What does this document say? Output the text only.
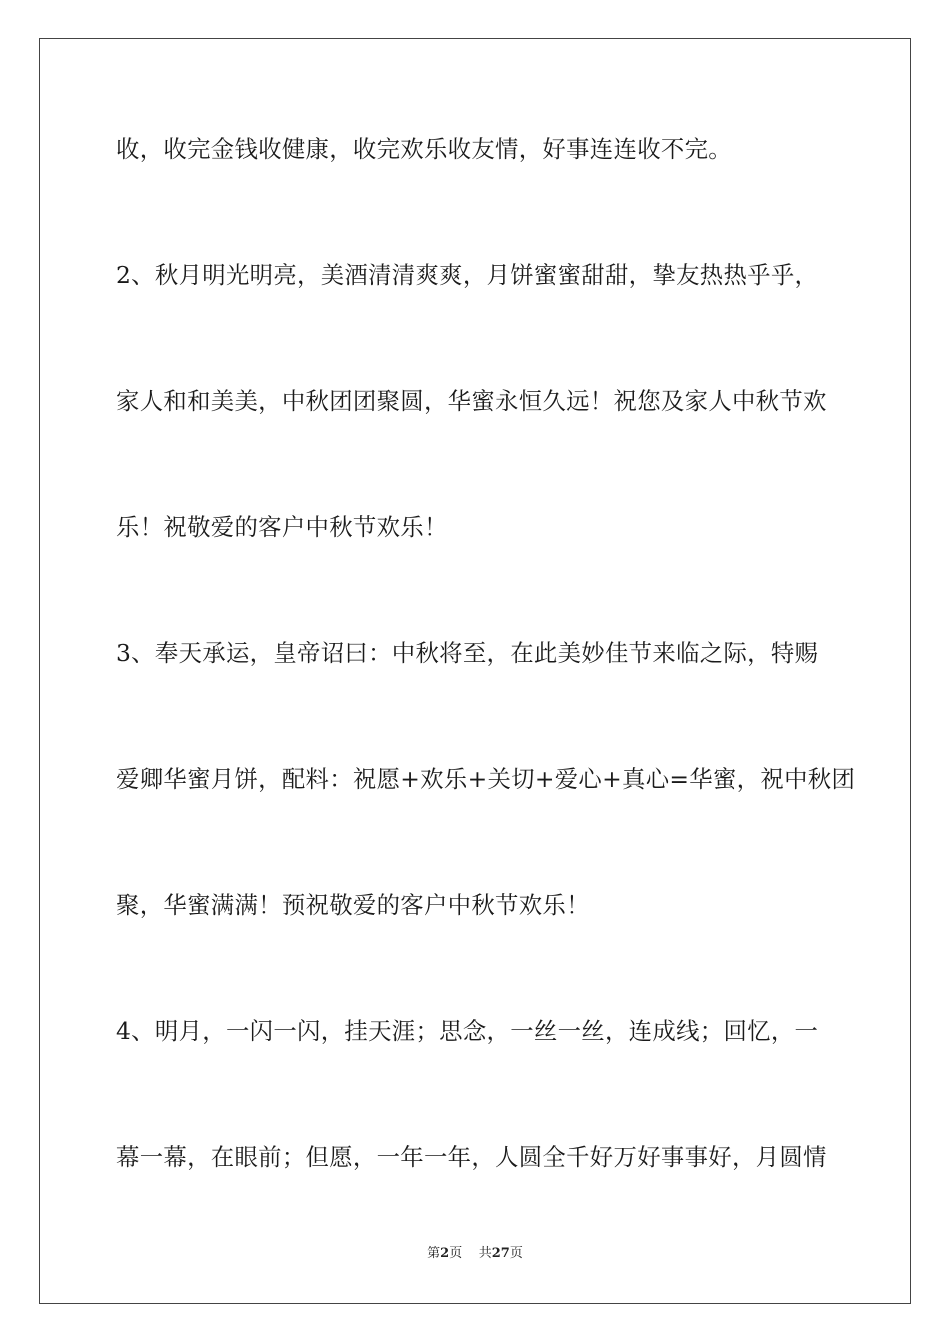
收，收完金钱收健康，收完欢乐收友情，好事连连收不完。
2、秋月明光明亮，美酒清清爽爽，月饼蜜蜜甜甜，挚友热热乎乎，
家人和和美美，中秋团团聚圆，华蜜永恒久远！祝您及家人中秋节欢
乐！祝敬爱的客户中秋节欢乐！
3、奉天承运，皇帝诏曰：中秋将至，在此美妙佳节来临之际，特赐
爱卿华蜜月饼，配料：祝愿+欢乐+关切+爱心+真心=华蜜，祝中秋团
聚，华蜜满满！预祝敬爱的客户中秋节欢乐！
4、明月，一闪一闪，挂天涯；思念，一丝一丝，连成线；回忆，一
幕一幕，在眼前；但愿，一年一年，人圆全千好万好事事好，月圆情
第2页 共27页
